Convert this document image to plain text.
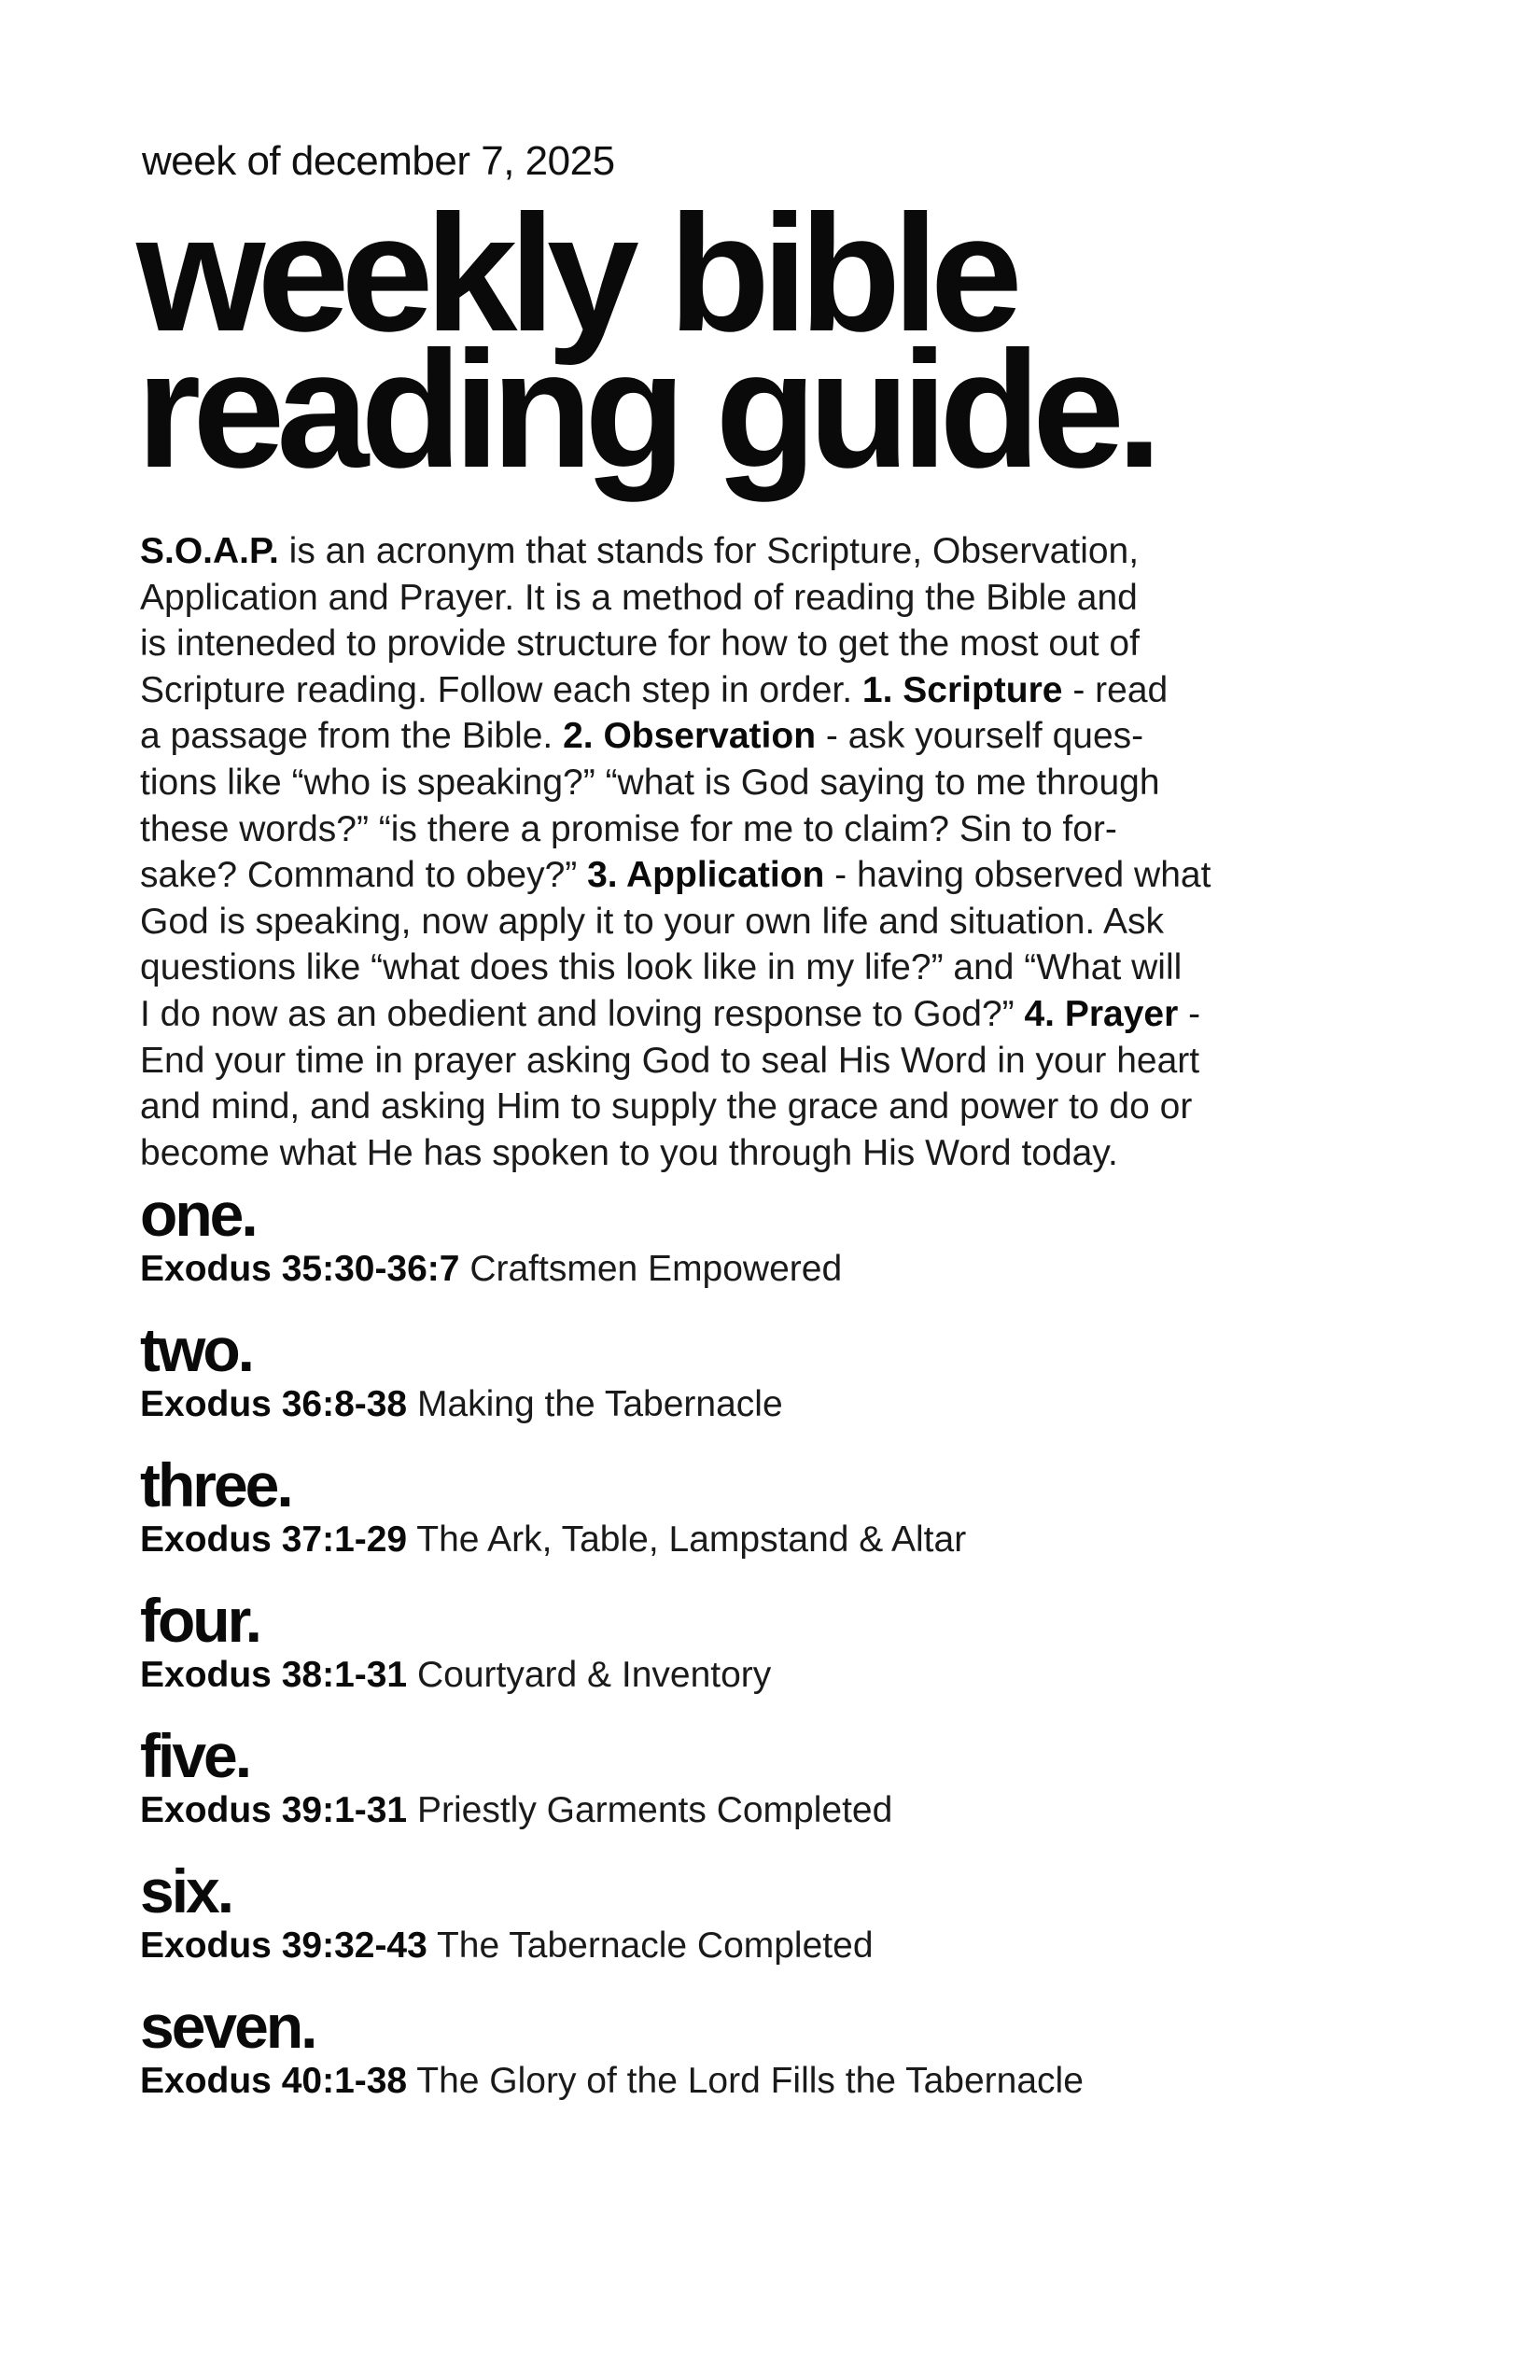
week of december 7, 2025
weekly bible
reading guide.
S.O.A.P. is an acronym that stands for Scripture, Observation,
Application and Prayer. It is a method of reading the Bible and
is inteneded to provide structure for how to get the most out of
Scripture reading. Follow each step in order. 1. Scripture - read
a passage from the Bible. 2. Observation - ask yourself ques-
tions like “who is speaking?” “what is God saying to me through
these words?” “is there a promise for me to claim? Sin to for-
sake? Command to obey?” 3. Application - having observed what
God is speaking, now apply it to your own life and situation. Ask
questions like “what does this look like in my life?” and “What will
I do now as an obedient and loving response to God?” 4. Prayer -
End your time in prayer asking God to seal His Word in your heart
and mind, and asking Him to supply the grace and power to do or
become what He has spoken to you through His Word today.
one.
Exodus 35:30-36:7 Craftsmen Empowered
two.
Exodus 36:8-38 Making the Tabernacle
three.
Exodus 37:1-29 The Ark, Table, Lampstand & Altar
four.
Exodus 38:1-31 Courtyard & Inventory
five.
Exodus 39:1-31 Priestly Garments Completed
six.
Exodus 39:32-43 The Tabernacle Completed
seven.
Exodus 40:1-38 The Glory of the Lord Fills the Tabernacle
